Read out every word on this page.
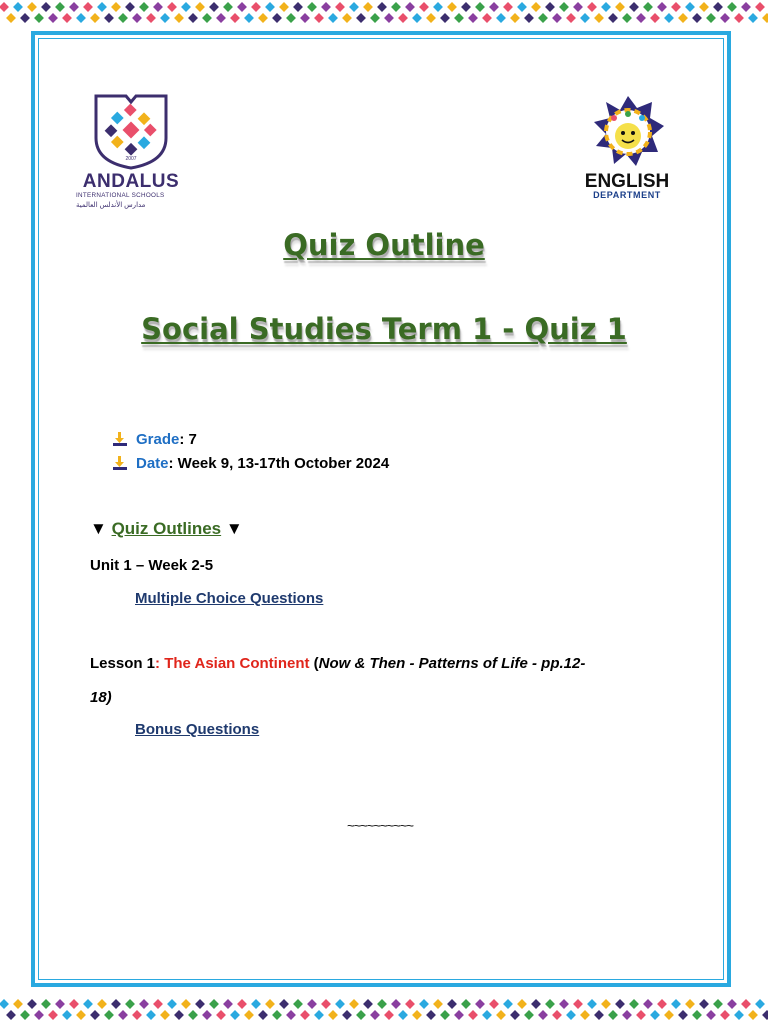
2007
ANDALUS
INTERNATIONAL SCHOOLS
مدارس الأندلس العالمية
ENGLISH
DEPARTMENT
Quiz Outline
Social Studies Term 1 - Quiz 1
Grade : 7
Date : Week 9, 13-17th October 2024
▼ Quiz Outlines ▼
Unit 1 – Week 2-5
Multiple Choice Questions
Lesson 1: The Asian Continent (Now & Then - Patterns of Life - pp.12-
18)
Bonus Questions
~~~~~~~~~~
